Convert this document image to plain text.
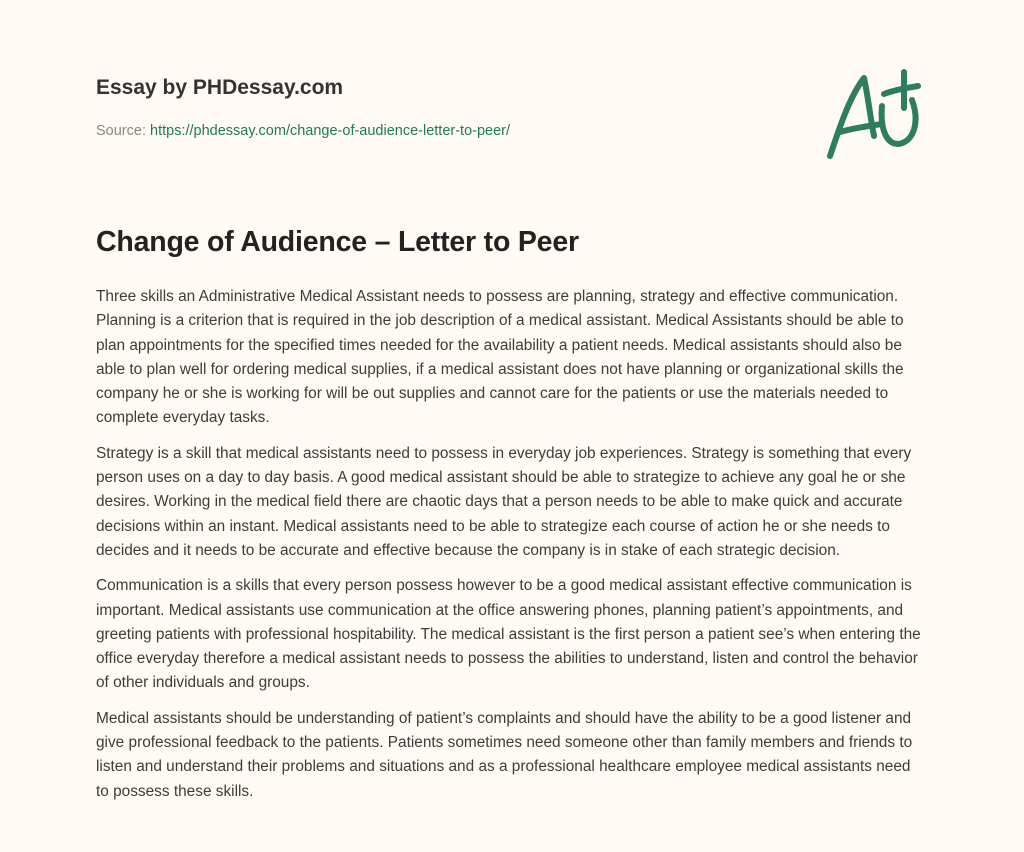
Essay by PHDessay.com
Source: https://phdessay.com/change-of-audience-letter-to-peer/
Change of Audience – Letter to Peer

Three skills an Administrative Medical Assistant needs to possess are planning, strategy and effective communication. Planning is a criterion that is required in the job description of a medical assistant. Medical Assistants should be able to plan appointments for the specified times needed for the availability a patient needs. Medical assistants should also be able to plan well for ordering medical supplies, if a medical assistant does not have planning or organizational skills the company he or she is working for will be out supplies and cannot care for the patients or use the materials needed to complete everyday tasks.

Strategy is a skill that medical assistants need to possess in everyday job experiences. Strategy is something that every person uses on a day to day basis. A good medical assistant should be able to strategize to achieve any goal he or she desires. Working in the medical field there are chaotic days that a person needs to be able to make quick and accurate decisions within an instant. Medical assistants need to be able to strategize each course of action he or she needs to decides and it needs to be accurate and effective because the company is in stake of each strategic decision.

Communication is a skills that every person possess however to be a good medical assistant effective communication is important. Medical assistants use communication at the office answering phones, planning patient’s appointments, and greeting patients with professional hospitability. The medical assistant is the first person a patient see’s when entering the office everyday therefore a medical assistant needs to possess the abilities to understand, listen and control the behavior of other individuals and groups.

Medical assistants should be understanding of patient’s complaints and should have the ability to be a good listener and give professional feedback to the patients. Patients sometimes need someone other than family members and friends to listen and understand their problems and situations and as a professional healthcare employee medical assistants need to possess these skills.
